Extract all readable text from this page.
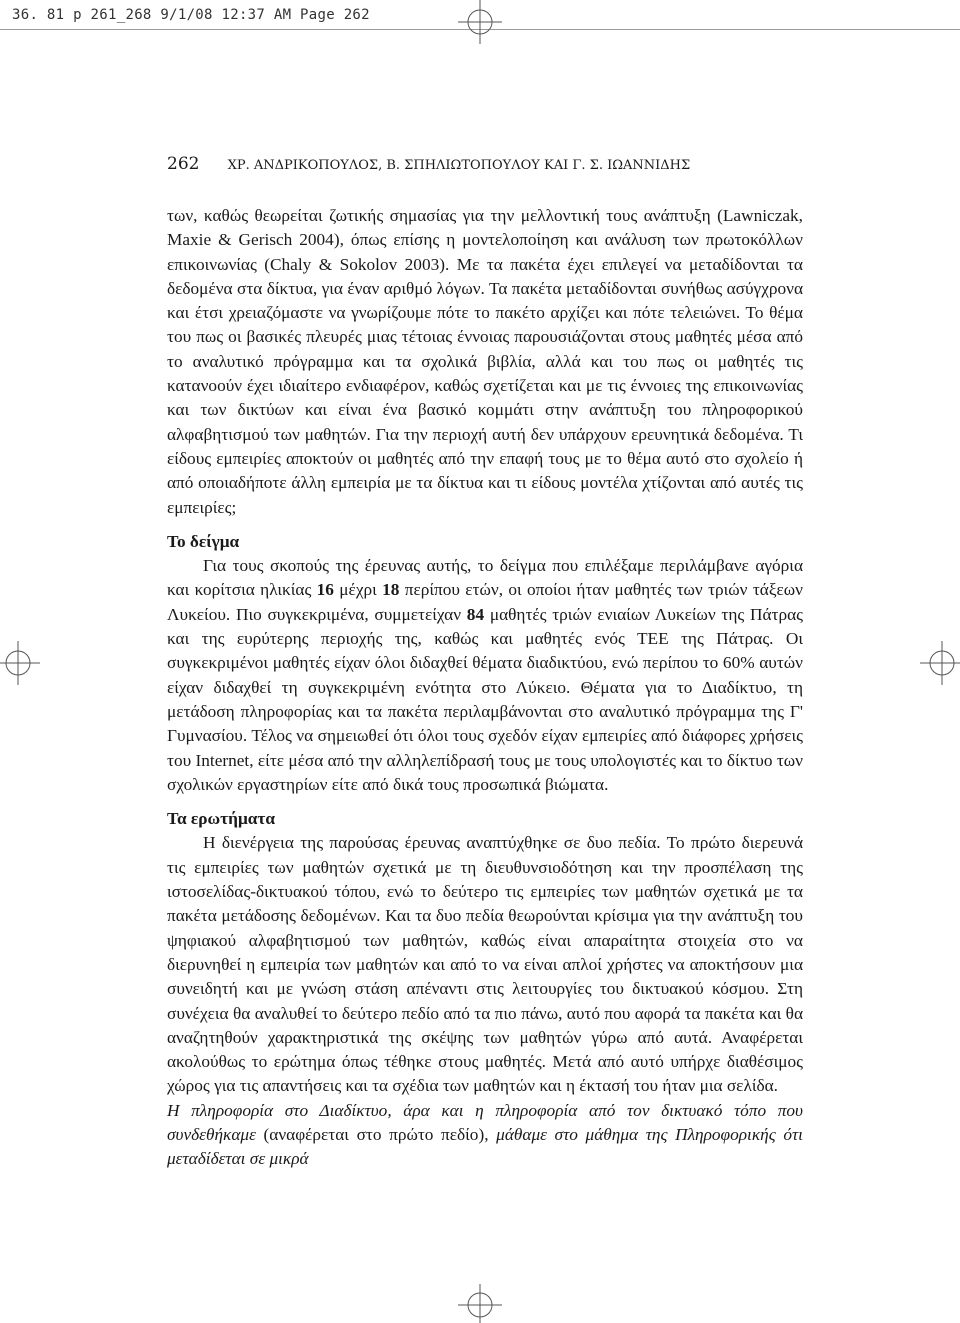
36. 81 p 261_268 9/1/08 12:37 AM Page 262
262 ΧΡ. ΑΝΔΡΙΚΟΠΟΥΛΟΣ, Β. ΣΠΗΛΙΩΤΟΠΟΥΛΟΥ ΚΑΙ Γ. Σ. ΙΩΑΝΝΙΔΗΣ

των, καθώς θεωρείται ζωτικής σημασίας για την μελλοντική τους ανάπτυξη (Lawniczak, Maxie & Gerisch 2004), όπως επίσης η μοντελοποίηση και ανάλυση των πρωτοκόλλων επικοινωνίας (Chaly & Sokolov 2003). Με τα πακέτα έχει επιλεγεί να μεταδίδονται τα δεδομένα στα δίκτυα, για έναν αριθμό λόγων. Τα πακέτα μεταδίδονται συνήθως ασύγχρονα και έτσι χρειαζόμαστε να γνωρίζουμε πότε το πακέτο αρχίζει και πότε τελειώνει. Το θέμα του πως οι βασικές πλευρές μιας τέτοιας έννοιας παρουσιάζονται στους μαθητές μέσα από το αναλυτικό πρόγραμμα και τα σχολικά βιβλία, αλλά και του πως οι μαθητές τις κατανοούν έχει ιδιαίτερο ενδιαφέρον, καθώς σχετίζεται και με τις έννοιες της επικοινωνίας και των δικτύων και είναι ένα βασικό κομμάτι στην ανάπτυξη του πληροφορικού αλφαβητισμού των μαθητών. Για την περιοχή αυτή δεν υπάρχουν ερευνητικά δεδομένα. Τι είδους εμπειρίες αποκτούν οι μαθητές από την επαφή τους με το θέμα αυτό στο σχολείο ή από οποιαδήποτε άλλη εμπειρία με τα δίκτυα και τι είδους μοντέλα χτίζονται από αυτές τις εμπειρίες;

Το δείγμα

Για τους σκοπούς της έρευνας αυτής, το δείγμα που επιλέξαμε περιλάμβανε αγόρια και κορίτσια ηλικίας 16 μέχρι 18 περίπου ετών, οι οποίοι ήταν μαθητές των τριών τάξεων Λυκείου. Πιο συγκεκριμένα, συμμετείχαν 84 μαθητές τριών ενιαίων Λυκείων της Πάτρας και της ευρύτερης περιοχής της, καθώς και μαθητές ενός ΤΕΕ της Πάτρας. Οι συγκεκριμένοι μαθητές είχαν όλοι διδαχθεί θέματα διαδικτύου, ενώ περίπου το 60% αυτών είχαν διδαχθεί τη συγκεκριμένη ενότητα στο Λύκειο. Θέματα για το Διαδίκτυο, τη μετάδοση πληροφορίας και τα πακέτα περιλαμβάνονται στο αναλυτικό πρόγραμμα της Γ' Γυμνασίου. Τέλος να σημειωθεί ότι όλοι τους σχεδόν είχαν εμπειρίες από διάφορες χρήσεις του Internet, είτε μέσα από την αλληλεπίδρασή τους με τους υπολογιστές και το δίκτυο των σχολικών εργαστηρίων είτε από δικά τους προσωπικά βιώματα.

Τα ερωτήματα

Η διενέργεια της παρούσας έρευνας αναπτύχθηκε σε δυο πεδία. Το πρώτο διερευνά τις εμπειρίες των μαθητών σχετικά με τη διευθυνσιοδότηση και την προσπέλαση της ιστοσελίδας-δικτυακού τόπου, ενώ το δεύτερο τις εμπειρίες των μαθητών σχετικά με τα πακέτα μετάδοσης δεδομένων. Και τα δυο πεδία θεωρούνται κρίσιμα για την ανάπτυξη του ψηφιακού αλφαβητισμού των μαθητών, καθώς είναι απαραίτητα στοιχεία στο να διερυνηθεί η εμπειρία των μαθητών και από το να είναι απλοί χρήστες να αποκτήσουν μια συνειδητή και με γνώση στάση απέναντι στις λειτουργίες του δικτυακού κόσμου. Στη συνέχεια θα αναλυθεί το δεύτερο πεδίο από τα πιο πάνω, αυτό που αφορά τα πακέτα και θα αναζητηθούν χαρακτηριστικά της σκέψης των μαθητών γύρω από αυτά. Αναφέρεται ακολούθως το ερώτημα όπως τέθηκε στους μαθητές. Μετά από αυτό υπήρχε διαθέσιμος χώρος για τις απαντήσεις και τα σχέδια των μαθητών και η έκτασή του ήταν μια σελίδα.

Η πληροφορία στο Διαδίκτυο, άρα και η πληροφορία από τον δικτυακό τόπο που συνδεθήκαμε (αναφέρεται στο πρώτο πεδίο), μάθαμε στο μάθημα της Πληροφορικής ότι μεταδίδεται σε μικρά
